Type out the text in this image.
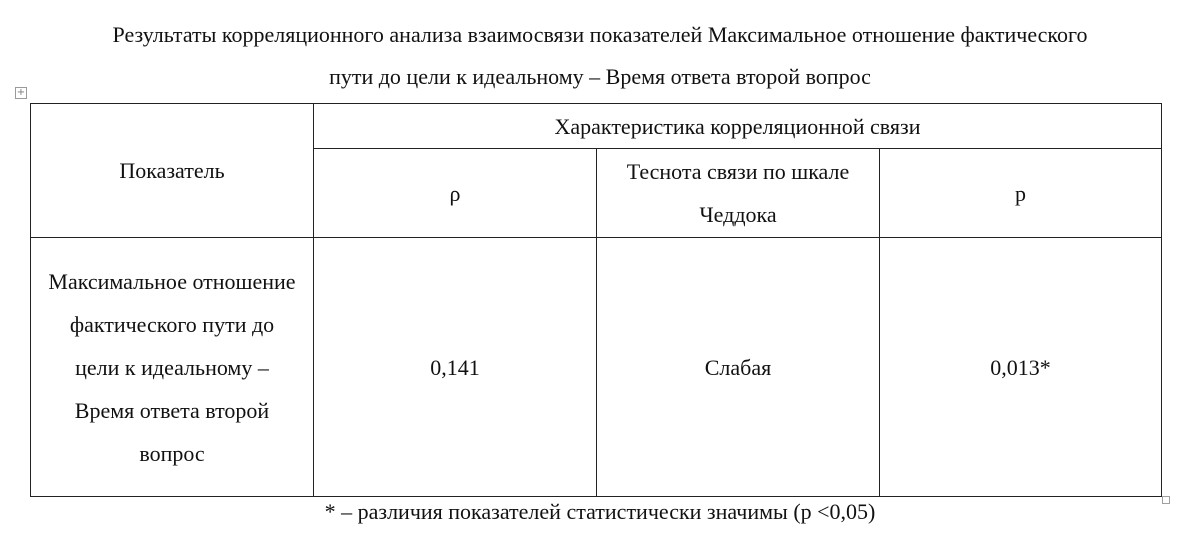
Результаты корреляционного анализа взаимосвязи показателей Максимальное отношение фактического
пути до цели к идеальному – Время ответа второй вопрос
+
Показатель	Характеристика корреляционной связи		
	ρ	Теснота связи по шкале Чеддока	p
Максимальное отношение фактического пути до цели к идеальному – Время ответа второй вопрос	0,141	Слабая	0,013*
* – различия показателей статистически значимы (p <0,05)
